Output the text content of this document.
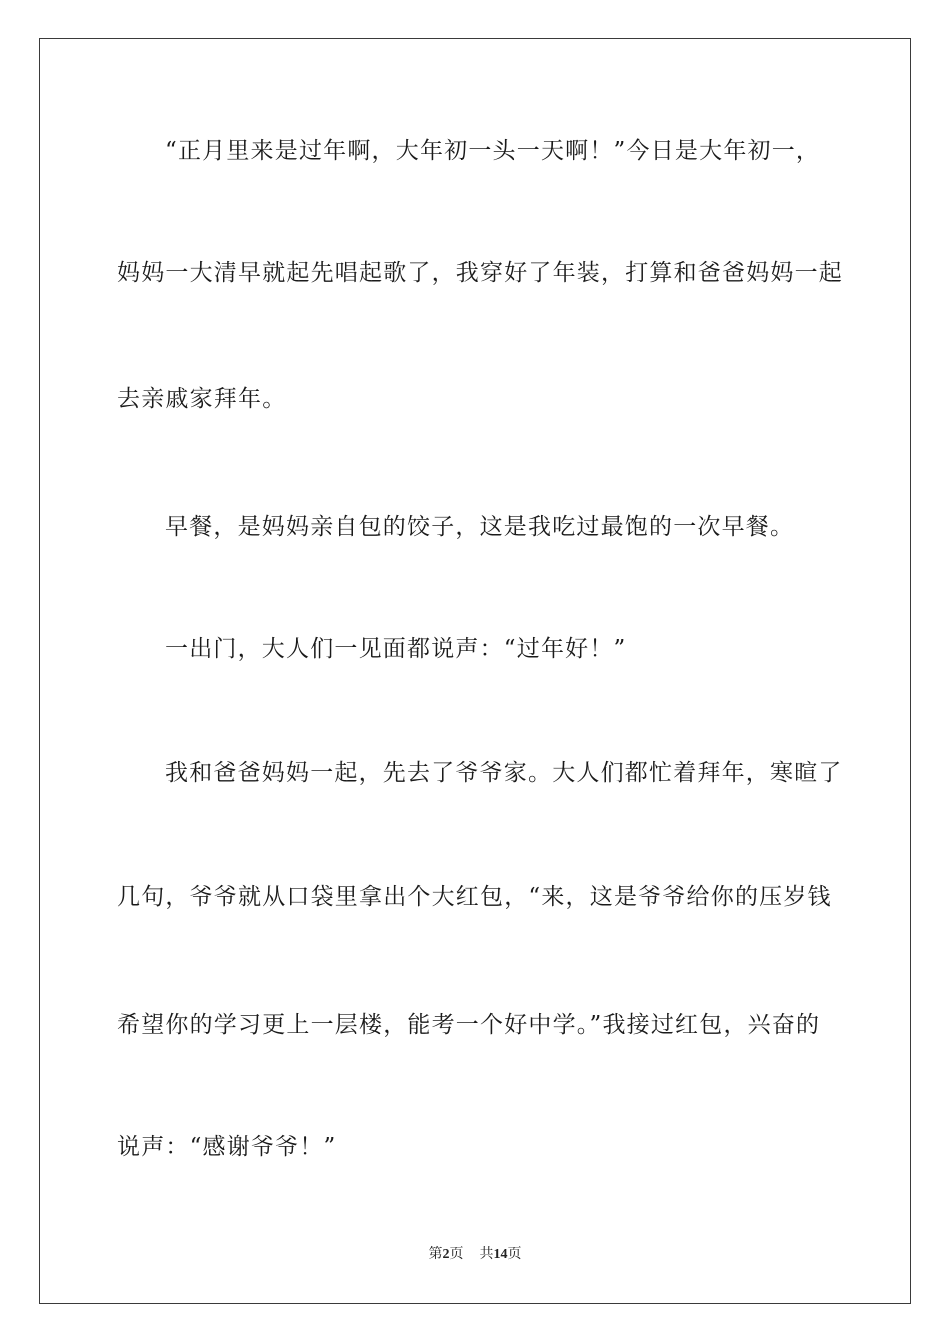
“正月里来是过年啊，大年初一头一天啊！”今日是大年初一，
妈妈一大清早就起先唱起歌了，我穿好了年装，打算和爸爸妈妈一起
去亲戚家拜年。
早餐，是妈妈亲自包的饺子，这是我吃过最饱的一次早餐。
一出门，大人们一见面都说声：“过年好！”
我和爸爸妈妈一起，先去了爷爷家。大人们都忙着拜年，寒暄了
几句，爷爷就从口袋里拿出个大红包，“来，这是爷爷给你的压岁钱
希望你的学习更上一层楼，能考一个好中学。”我接过红包，兴奋的
说声：“感谢爷爷！”
第2页 共14页
